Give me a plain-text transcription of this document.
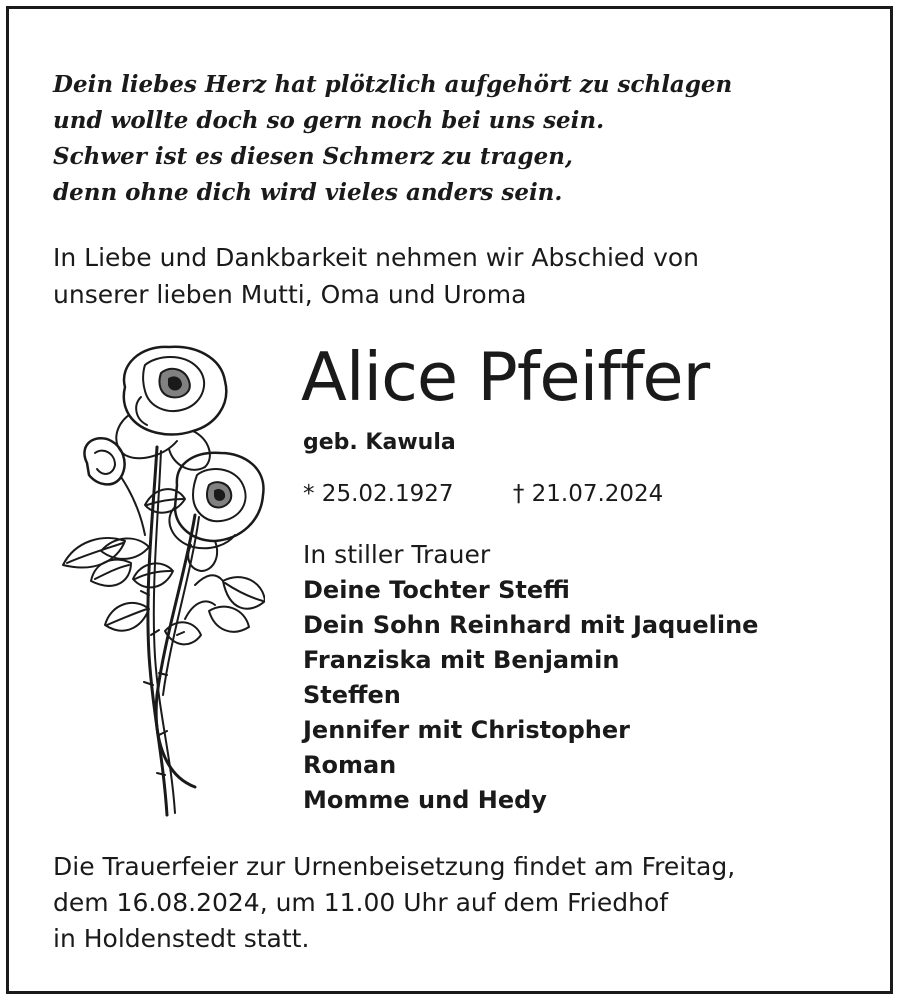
Dein liebes Herz hat plötzlich aufgehört zu schlagen
und wollte doch so gern noch bei uns sein.
Schwer ist es diesen Schmerz zu tragen,
denn ohne dich wird vieles anders sein.
In Liebe und Dankbarkeit nehmen wir Abschied von
unserer lieben Mutti, Oma und Uroma
Alice Pfeiffer
geb. Kawula
* 25.02.1927	† 21.07.2024
In stiller Trauer
Deine Tochter Steffi
Dein Sohn Reinhard mit Jaqueline
Franziska mit Benjamin
Steffen
Jennifer mit Christopher
Roman
Momme und Hedy
Die Trauerfeier zur Urnenbeisetzung findet am Freitag,
dem 16.08.2024, um 11.00 Uhr auf dem Friedhof
in Holdenstedt statt.
